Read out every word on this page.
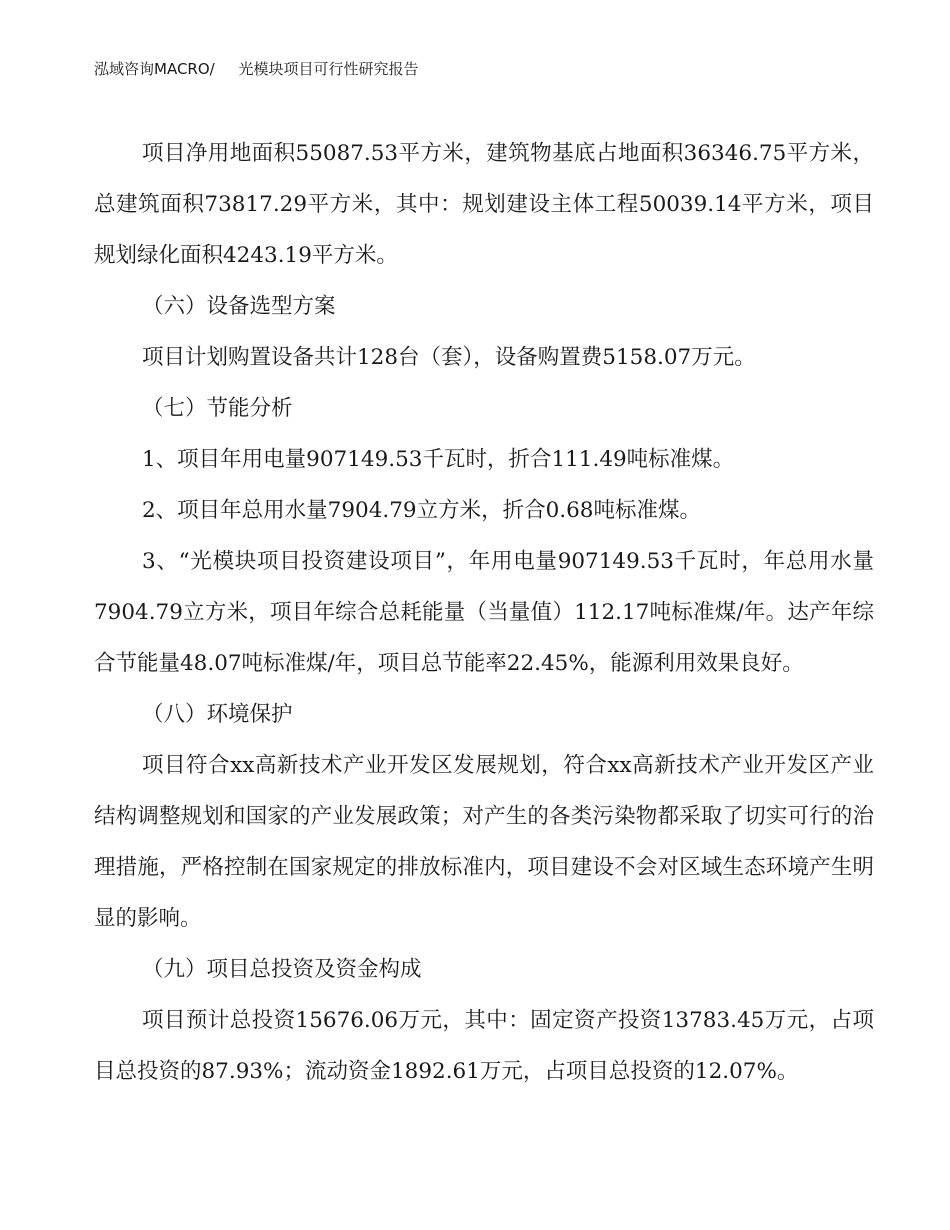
泓域咨询MACRO/ 光模块项目可行性研究报告

项目净用地面积55087.53平方米，建筑物基底占地面积36346.75平方米，总建筑面积73817.29平方米，其中：规划建设主体工程50039.14平方米，项目规划绿化面积4243.19平方米。

（六）设备选型方案

项目计划购置设备共计128台（套），设备购置费5158.07万元。

（七）节能分析

1、项目年用电量907149.53千瓦时，折合111.49吨标准煤。

2、项目年总用水量7904.79立方米，折合0.68吨标准煤。

3、“光模块项目投资建设项目”，年用电量907149.53千瓦时，年总用水量7904.79立方米，项目年综合总耗能量（当量值）112.17吨标准煤/年。达产年综合节能量48.07吨标准煤/年，项目总节能率22.45%，能源利用效果良好。

（八）环境保护

项目符合xx高新技术产业开发区发展规划，符合xx高新技术产业开发区产业结构调整规划和国家的产业发展政策；对产生的各类污染物都采取了切实可行的治理措施，严格控制在国家规定的排放标准内，项目建设不会对区域生态环境产生明显的影响。

（九）项目总投资及资金构成

项目预计总投资15676.06万元，其中：固定资产投资13783.45万元，占项目总投资的87.93%；流动资金1892.61万元，占项目总投资的12.07%。
